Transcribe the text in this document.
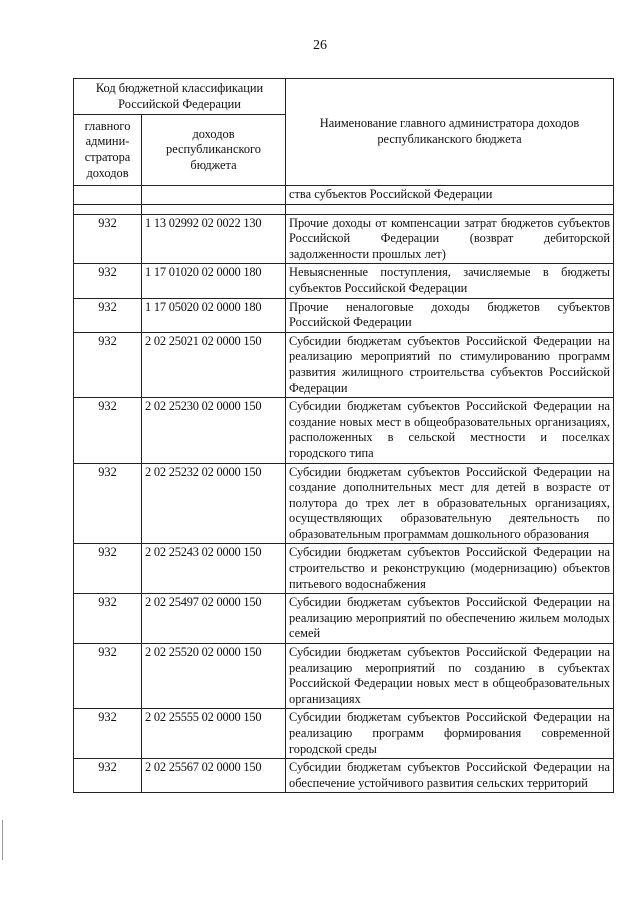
26
Код бюджетной классификации Российской Федерации		Наименование главного администратора доходов республиканского бюджета
главного админи-стратора доходов	доходов республиканского бюджета	
		ства субъектов Российской Федерации

932	1 13 02992 02 0022 130	Прочие доходы от компенсации затрат бюджетов субъектов Российской Федерации (возврат дебиторской задолженности прошлых лет)
932	1 17 01020 02 0000 180	Невыясненные поступления, зачисляемые в бюджеты субъектов Российской Федерации
932	1 17 05020 02 0000 180	Прочие неналоговые доходы бюджетов субъектов Российской Федерации
932	2 02 25021 02 0000 150	Субсидии бюджетам субъектов Российской Федерации на реализацию мероприятий по стимулированию программ развития жилищного строительства субъектов Российской Федерации
932	2 02 25230 02 0000 150	Субсидии бюджетам субъектов Российской Федерации на создание новых мест в общеобразовательных организациях, расположенных в сельской местности и поселках городского типа
932	2 02 25232 02 0000 150	Субсидии бюджетам субъектов Российской Федерации на создание дополнительных мест для детей в возрасте от полутора до трех лет в образовательных организациях, осуществляющих образовательную деятельность по образовательным программам дошкольного образования
932	2 02 25243 02 0000 150	Субсидии бюджетам субъектов Российской Федерации на строительство и реконструкцию (модернизацию) объектов питьевого водоснабжения
932	2 02 25497 02 0000 150	Субсидии бюджетам субъектов Российской Федерации на реализацию мероприятий по обеспечению жильем молодых семей
932	2 02 25520 02 0000 150	Субсидии бюджетам субъектов Российской Федерации на реализацию мероприятий по созданию в субъектах Российской Федерации новых мест в общеобразовательных организациях
932	2 02 25555 02 0000 150	Субсидии бюджетам субъектов Российской Федерации на реализацию программ формирования современной городской среды
932	2 02 25567 02 0000 150	Субсидии бюджетам субъектов Российской Федерации на обеспечение устойчивого развития сельских территорий
